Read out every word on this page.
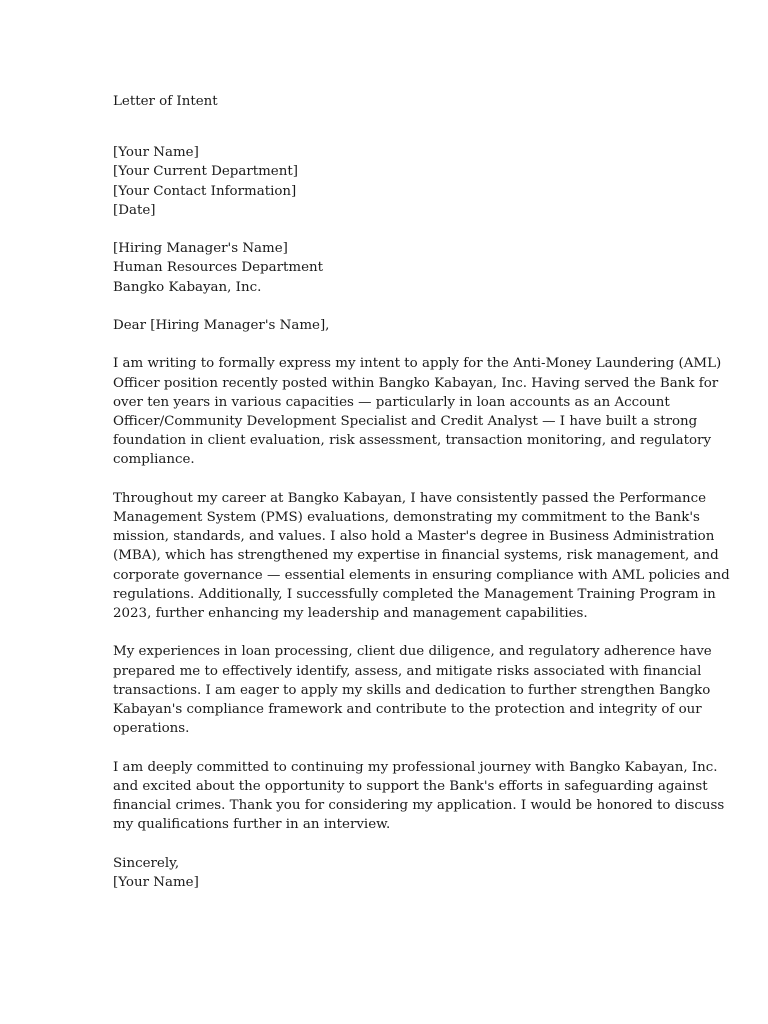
Letter of Intent
[Your Name]
[Your Current Department]
[Your Contact Information]
[Date]
[Hiring Manager's Name]
Human Resources Department
Bangko Kabayan, Inc.
Dear [Hiring Manager's Name],
I am writing to formally express my intent to apply for the Anti-Money Laundering (AML)
Officer position recently posted within Bangko Kabayan, Inc. Having served the Bank for
over ten years in various capacities — particularly in loan accounts as an Account
Officer/Community Development Specialist and Credit Analyst — I have built a strong
foundation in client evaluation, risk assessment, transaction monitoring, and regulatory
compliance.
Throughout my career at Bangko Kabayan, I have consistently passed the Performance
Management System (PMS) evaluations, demonstrating my commitment to the Bank's
mission, standards, and values. I also hold a Master's degree in Business Administration
(MBA), which has strengthened my expertise in financial systems, risk management, and
corporate governance — essential elements in ensuring compliance with AML policies and
regulations. Additionally, I successfully completed the Management Training Program in
2023, further enhancing my leadership and management capabilities.
My experiences in loan processing, client due diligence, and regulatory adherence have
prepared me to effectively identify, assess, and mitigate risks associated with financial
transactions. I am eager to apply my skills and dedication to further strengthen Bangko
Kabayan's compliance framework and contribute to the protection and integrity of our
operations.
I am deeply committed to continuing my professional journey with Bangko Kabayan, Inc.
and excited about the opportunity to support the Bank's efforts in safeguarding against
financial crimes. Thank you for considering my application. I would be honored to discuss
my qualifications further in an interview.
Sincerely,
[Your Name]
